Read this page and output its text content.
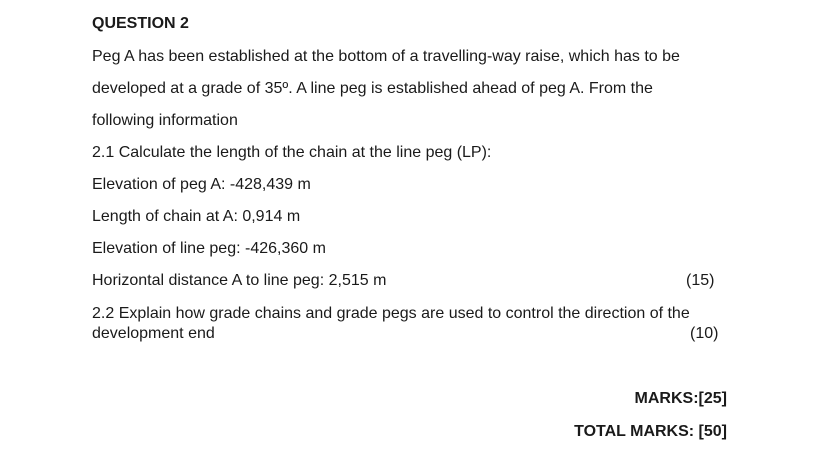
QUESTION 2
Peg A has been established at the bottom of a travelling-way raise, which has to be
developed at a grade of 35º. A line peg is established ahead of peg A. From the
following information
2.1 Calculate the length of the chain at the line peg (LP):
Elevation of peg A: -428,439 m
Length of chain at A: 0,914 m
Elevation of line peg: -426,360 m
Horizontal distance A to line peg: 2,515 m	(15)
2.2 Explain how grade chains and grade pegs are used to control the direction of the
development end	(10)
MARKS:[25]
TOTAL MARKS: [50]
